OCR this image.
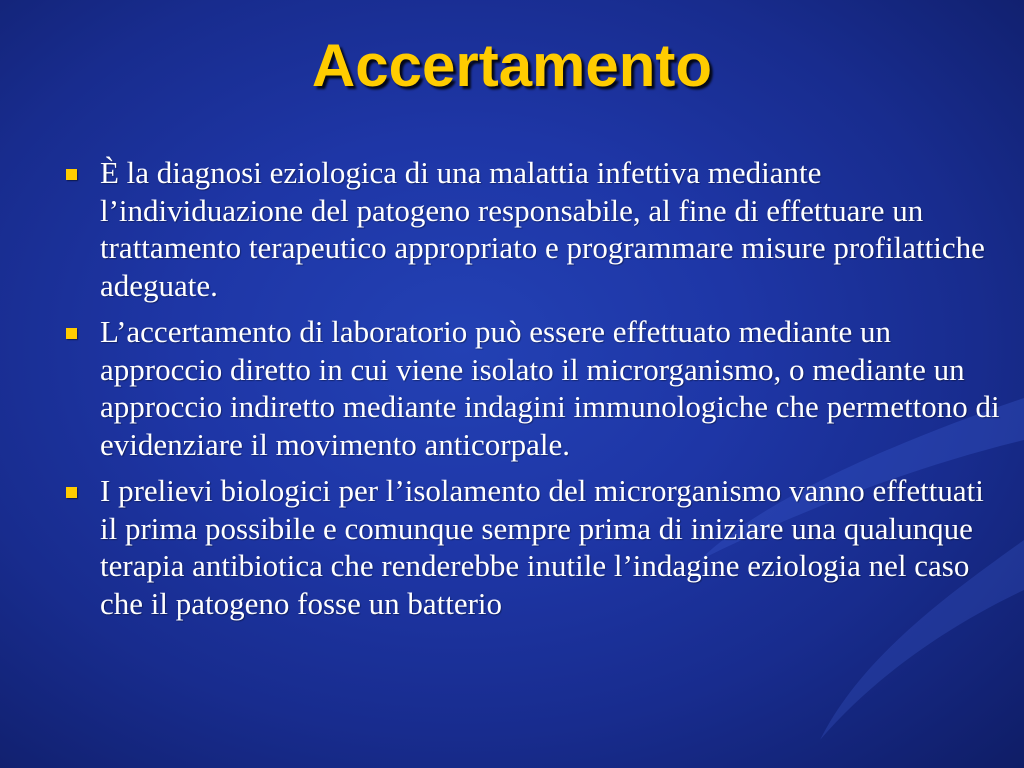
Accertamento
È la diagnosi eziologica di una malattia infettiva mediante l’individuazione del patogeno responsabile, al fine di effettuare un trattamento terapeutico appropriato e programmare misure profilattiche adeguate.
L’accertamento di laboratorio può essere effettuato mediante un approccio diretto in cui viene isolato il microrganismo, o mediante un approccio indiretto mediante indagini immunologiche che permettono di evidenziare il movimento anticorpale.
I prelievi biologici per l’isolamento del microrganismo vanno effettuati il prima possibile e comunque sempre prima di iniziare una qualunque terapia antibiotica che renderebbe inutile l’indagine eziologia nel caso che il patogeno fosse un batterio
